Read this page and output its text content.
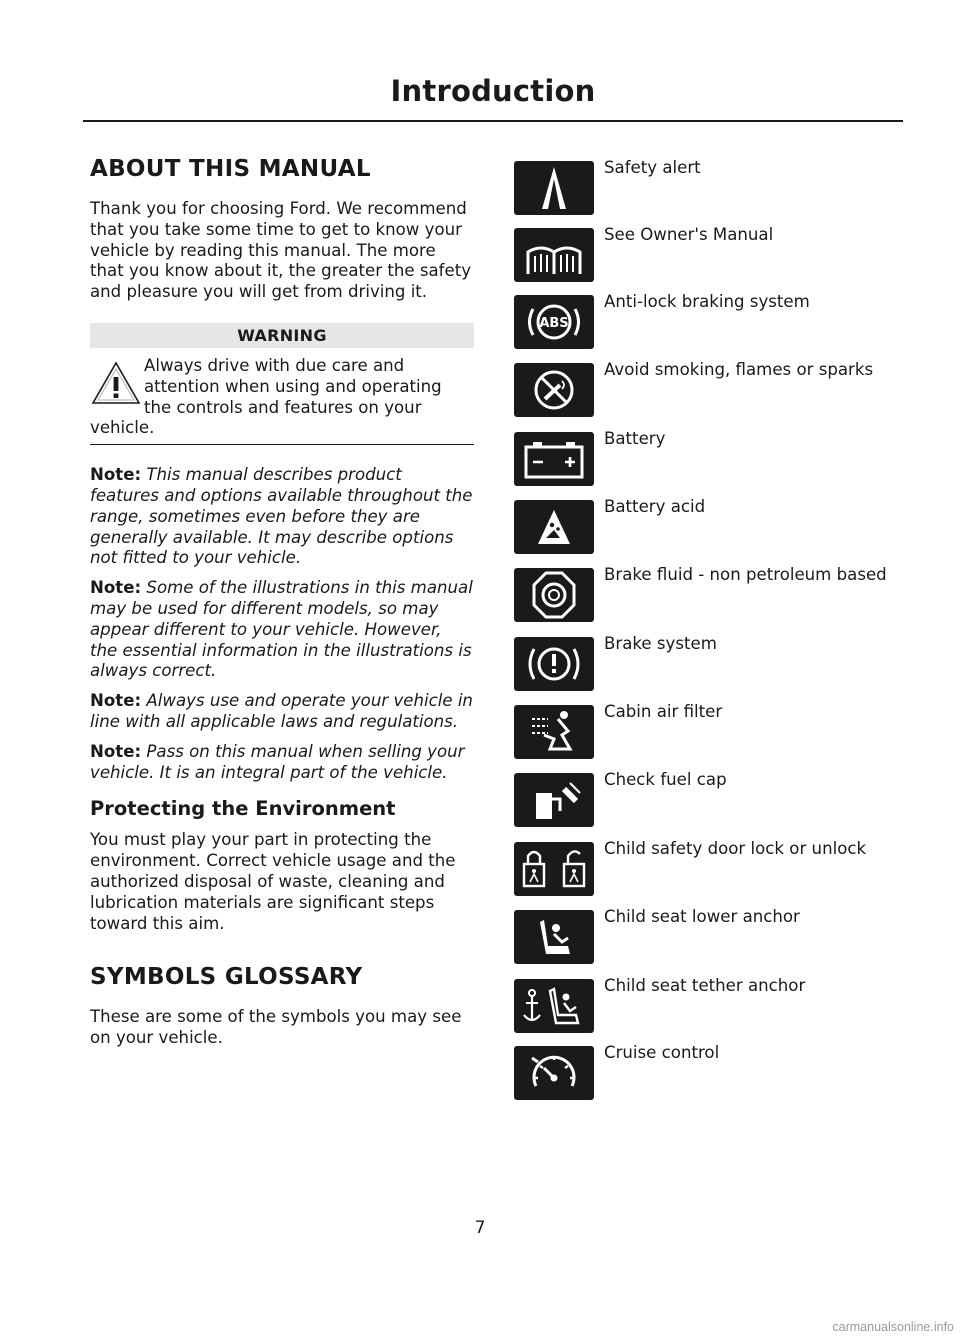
Introduction
ABOUT THIS MANUAL

Thank you for choosing Ford. We recommend that you take some time to get to know your vehicle by reading this manual. The more that you know about it, the greater the safety and pleasure you will get from driving it.

WARNING
Always drive with due care and attention when using and operating the controls and features on your
vehicle.

Note: This manual describes product features and options available throughout the range, sometimes even before they are generally available. It may describe options not fitted to your vehicle.

Note: Some of the illustrations in this manual may be used for different models, so may appear different to your vehicle. However, the essential information in the illustrations is always correct.

Note: Always use and operate your vehicle in line with all applicable laws and regulations.

Note: Pass on this manual when selling your vehicle. It is an integral part of the vehicle.

Protecting the Environment

You must play your part in protecting the environment. Correct vehicle usage and the authorized disposal of waste, cleaning and lubrication materials are significant steps toward this aim.

SYMBOLS GLOSSARY

These are some of the symbols you may see on your vehicle.

Safety alert
See Owner's Manual
ABS
Anti-lock braking system
Avoid smoking, flames or sparks
Battery
Battery acid
Brake fluid - non petroleum based
Brake system
Cabin air filter
Check fuel cap
Child safety door lock or unlock
Child seat lower anchor
Child seat tether anchor
Cruise control
7
carmanualsonline.info
